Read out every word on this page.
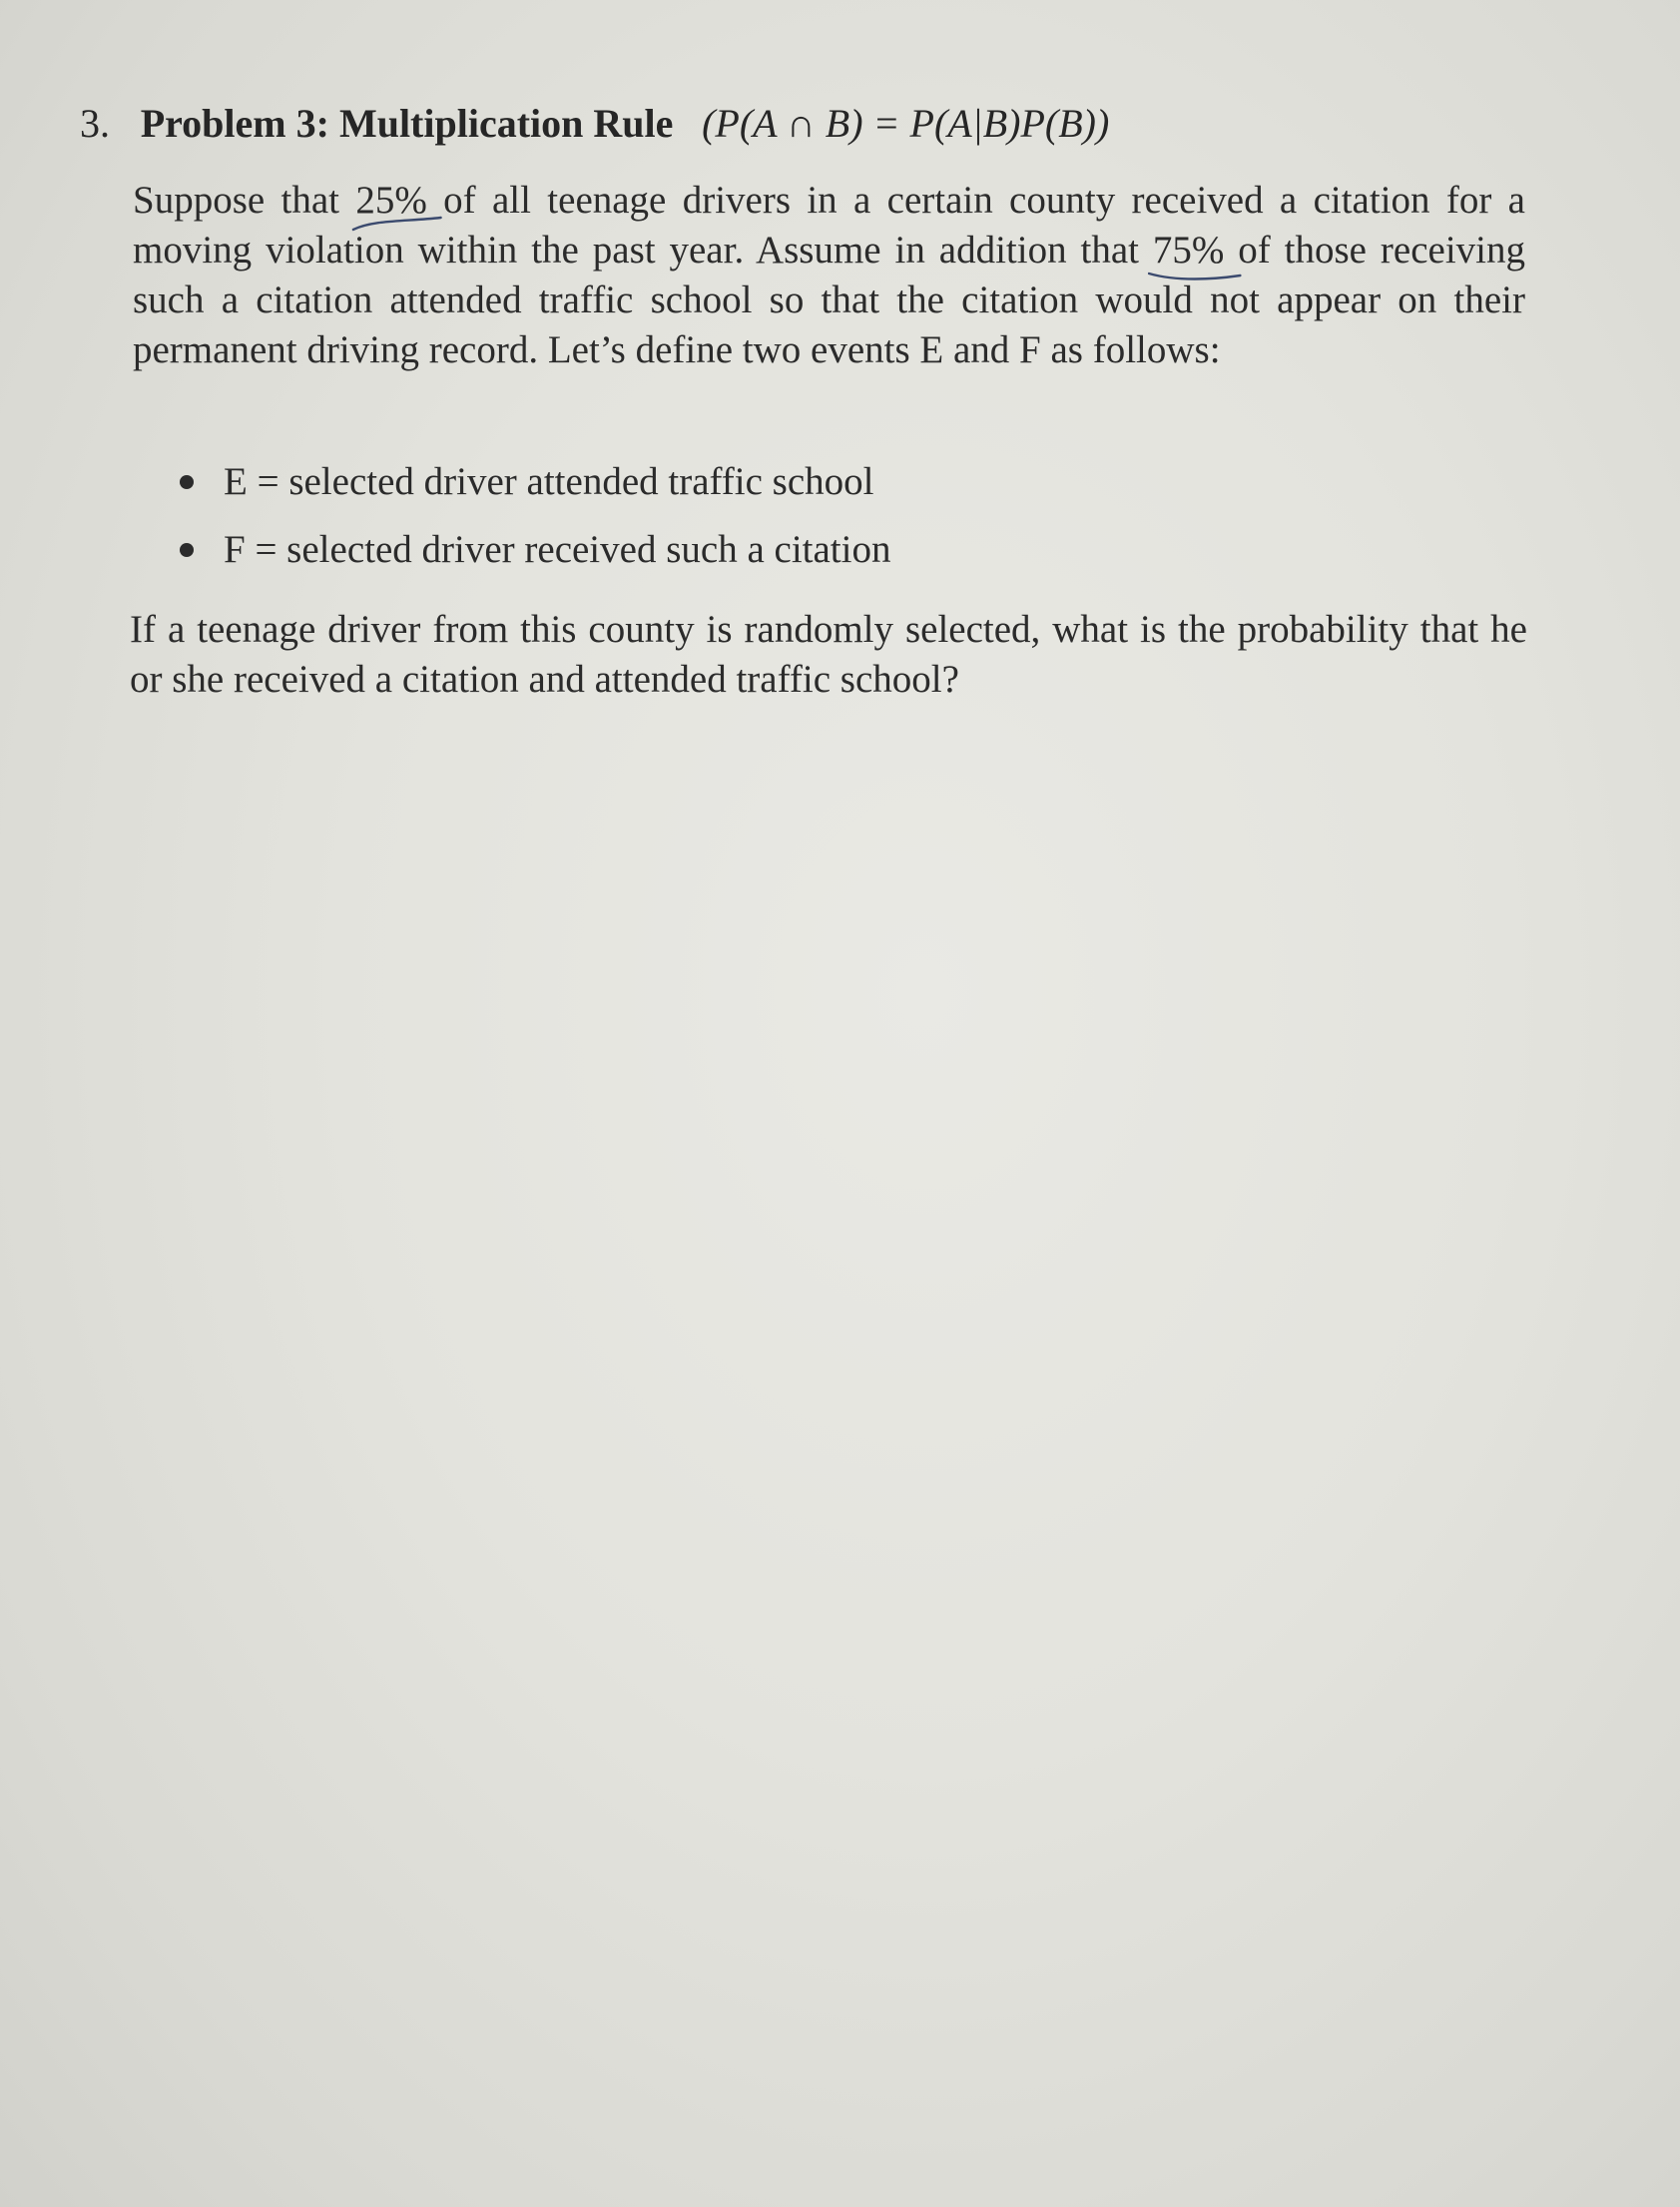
3. Problem 3: Multiplication Rule (P(A ∩ B) = P(A|B)P(B))

Suppose that 25%
of all teenage drivers in a certain county received a citation for a moving violation within the past year. Assume in addition that 75%
of those receiving such a citation attended traffic school so that the citation would not appear on their permanent driving record. Let’s define two events E and F as follows:

E = selected driver attended traffic school
F = selected driver received such a citation

If a teenage driver from this county is randomly selected, what is the probability that he or she received a citation and attended traffic school?
